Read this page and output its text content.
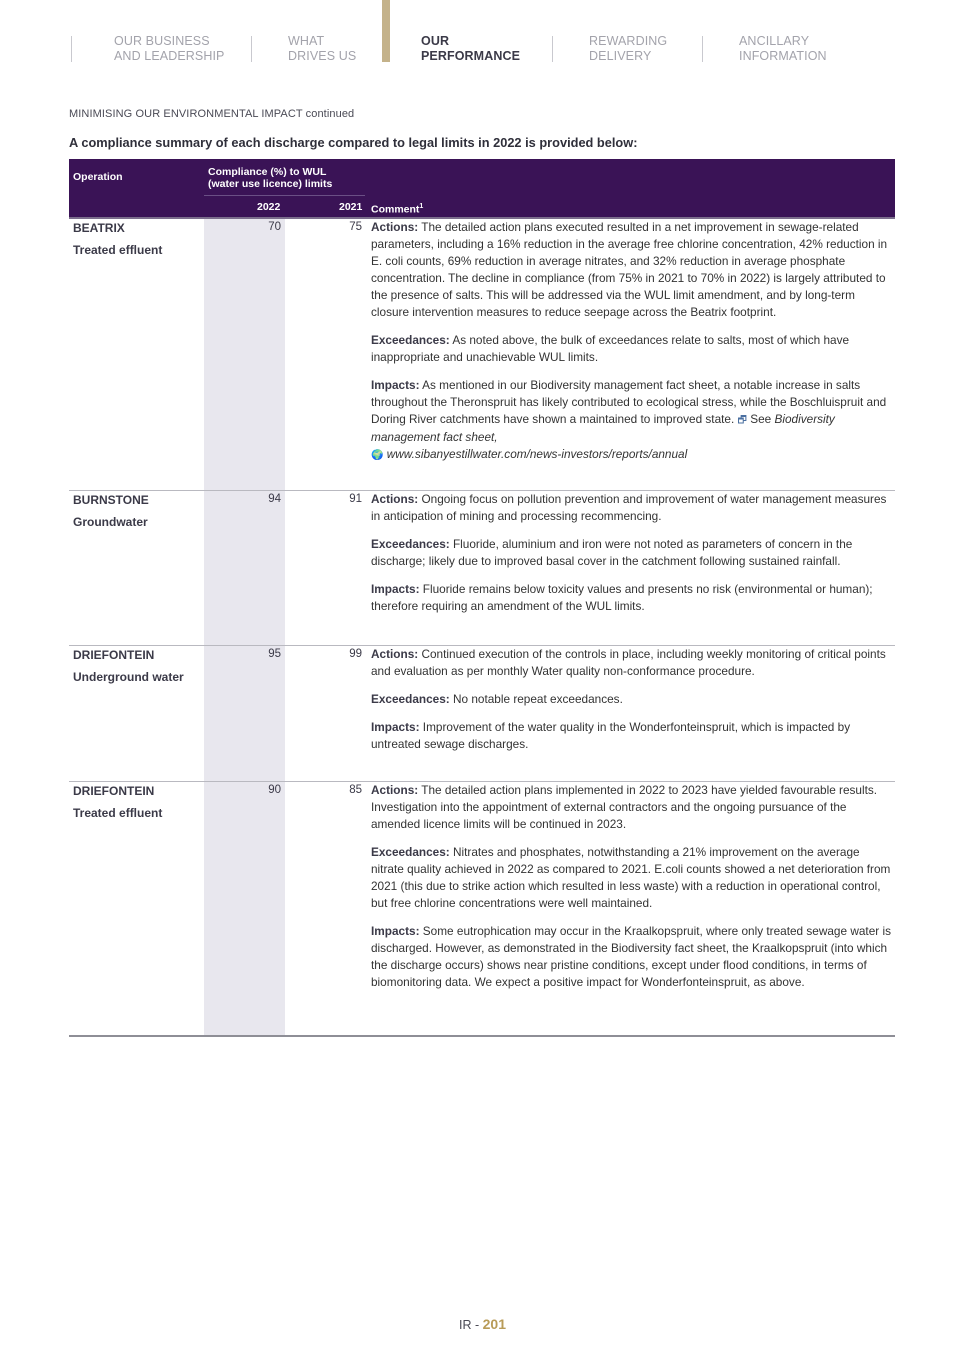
OUR BUSINESS
AND LEADERSHIP
WHAT
DRIVES US
OUR
PERFORMANCE
REWARDING
DELIVERY
ANCILLARY
INFORMATION
MINIMISING OUR ENVIRONMENTAL IMPACT continued
A compliance summary of each discharge compared to legal limits in 2022 is provided below:
Operation	Compliance (%) to WUL
(water use licence) limits
2022	2021 Comment$^1$
BEATRIX
Treated effluent
70	75 Actions: The detailed action plans executed resulted in a net improvement in sewage-related parameters, including a 16% reduction in the average free chlorine concentration, 42% reduction in E. coli counts, 69% reduction in average nitrates, and 32% reduction in average phosphate concentration. The decline in compliance (from 75% in 2021 to 70% in 2022) is largely attributed to the presence of salts. This will be addressed via the WUL limit amendment, and by long-term closure intervention measures to reduce seepage across the Beatrix footprint.

Exceedances: As noted above, the bulk of exceedances relate to salts, most of which have inappropriate and unachievable WUL limits.

Impacts: As mentioned in our Biodiversity management fact sheet, a notable increase in salts throughout the Theronspruit has likely contributed to ecological stress, while the Boschluispruit and Doring River catchments have shown a maintained to improved state. 🗗 See Biodiversity management fact sheet,
🌍 www.sibanyestillwater.com/news-investors/reports/annual

BURNSTONE
Groundwater
94	91 Actions: Ongoing focus on pollution prevention and improvement of water management measures in anticipation of mining and processing recommencing.

Exceedances: Fluoride, aluminium and iron were not noted as parameters of concern in the discharge; likely due to improved basal cover in the catchment following sustained rainfall.

Impacts: Fluoride remains below toxicity values and presents no risk (environmental or human); therefore requiring an amendment of the WUL limits.

DRIEFONTEIN
Underground water
95	99 Actions: Continued execution of the controls in place, including weekly monitoring of critical points and evaluation as per monthly Water quality non-conformance procedure.

Exceedances: No notable repeat exceedances.

Impacts: Improvement of the water quality in the Wonderfonteinspruit, which is impacted by untreated sewage discharges.

DRIEFONTEIN
Treated effluent
90	85 Actions: The detailed action plans implemented in 2022 to 2023 have yielded favourable results. Investigation into the appointment of external contractors and the ongoing pursuance of the amended licence limits will be continued in 2023.

Exceedances: Nitrates and phosphates, notwithstanding a 21% improvement on the average nitrate quality achieved in 2022 as compared to 2021. E.coli counts showed a net deterioration from 2021 (this due to strike action which resulted in less waste) with a reduction in operational control, but free chlorine concentrations were well maintained.

Impacts: Some eutrophication may occur in the Kraalkopspruit, where only treated sewage water is discharged. However, as demonstrated in the Biodiversity fact sheet, the Kraalkopspruit (into which the discharge occurs) shows near pristine conditions, except under flood conditions, in terms of biomonitoring data. We expect a positive impact for Wonderfonteinspruit, as above.

IR - 201
